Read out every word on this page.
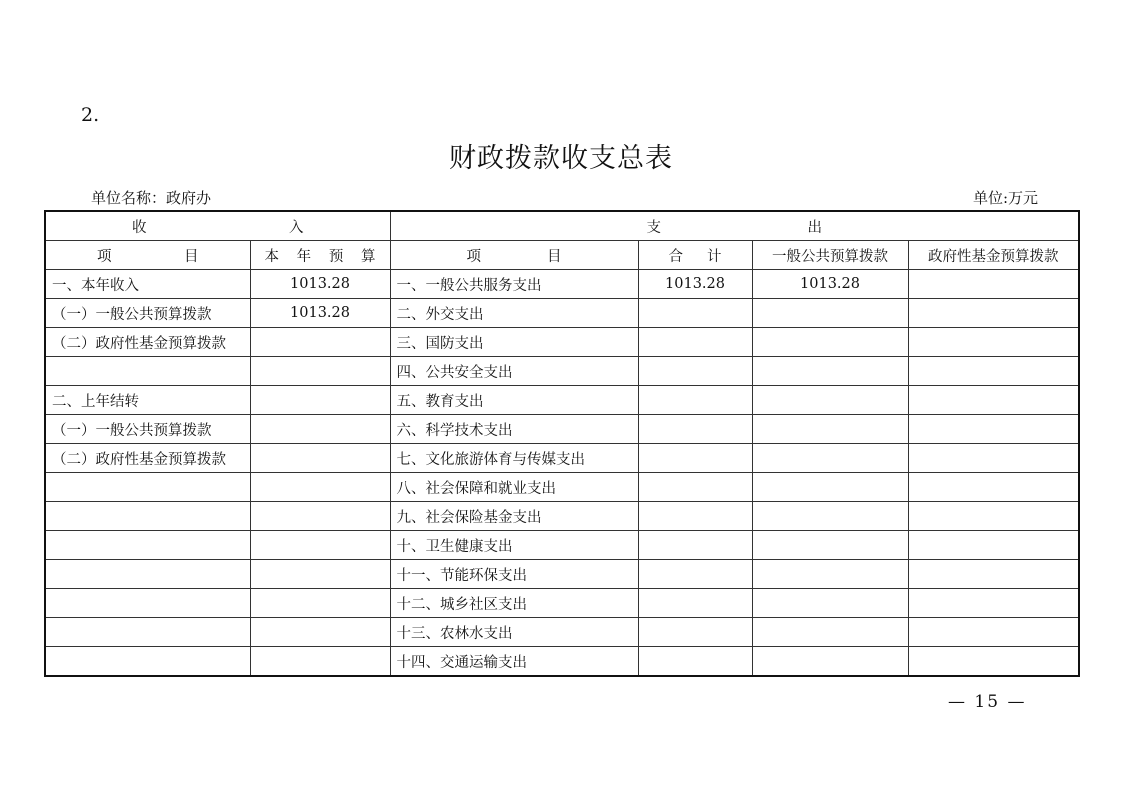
2.
财政拨款收支总表
单位名称：政府办	单位:万元
收 入		支 出			

项 目	本 年 预 算	项 目	合 计	一般公共预算拨款	政府性基金预算拨款
一、本年收入	1013.28	一、一般公共服务支出	1013.28	1013.28	
（一）一般公共预算拨款	1013.28	二、外交支出			
（二）政府性基金预算拨款		三、国防支出			
		四、公共安全支出			
二、上年结转		五、教育支出			
（一）一般公共预算拨款		六、科学技术支出			
（二）政府性基金预算拨款		七、文化旅游体育与传媒支出			
		八、社会保障和就业支出			
		九、社会保险基金支出			
		十、卫生健康支出			
		十一、节能环保支出			
		十二、城乡社区支出			
		十三、农林水支出			
		十四、交通运输支出			
— 15 —
